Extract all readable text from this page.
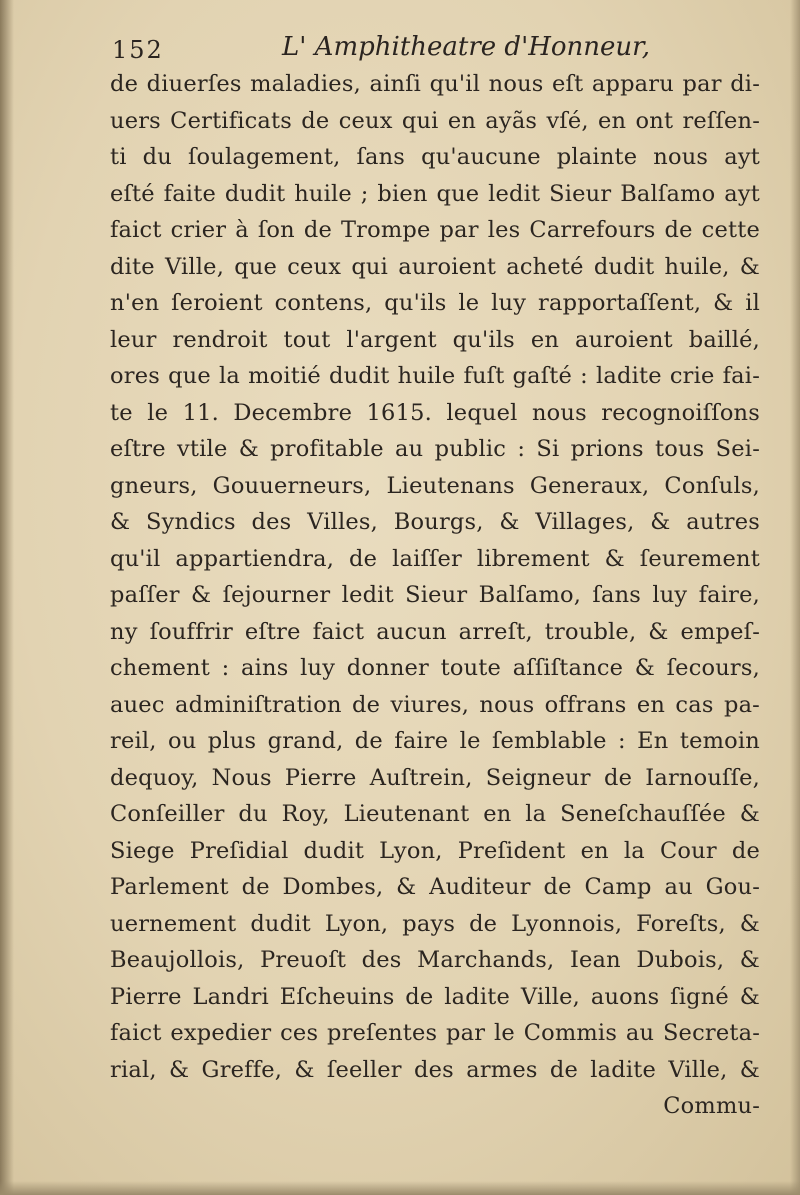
152	L' Amphitheatre d'Honneur,
de diuerſes maladies, ainſi qu'il nous eſt apparu par di-
uers Certificats de ceux qui en ayãs vſé, en ont reſſen-
ti du ſoulagement, ſans qu'aucune plainte nous ayt
eſté faite dudit huile ; bien que ledit Sieur Balſamo ayt
faict crier à ſon de Trompe par les Carrefours de cette
dite Ville, que ceux qui auroient acheté dudit huile, &
n'en ſeroient contens, qu'ils le luy rapportaſſent, & il
leur rendroit tout l'argent qu'ils en auroient baillé,
ores que la moitié dudit huile fuſt gaſté : ladite crie fai-
te le 11. Decembre 1615. lequel nous recognoiſſons
eſtre vtile & profitable au public : Si prions tous Sei-
gneurs, Gouuerneurs, Lieutenans Generaux, Conſuls,
& Syndics des Villes, Bourgs, & Villages, & autres
qu'il appartiendra, de laiſſer librement & ſeurement
paſſer & ſejourner ledit Sieur Balſamo, ſans luy faire,
ny ſouffrir eſtre faict aucun arreſt, trouble, & empeſ-
chement : ains luy donner toute aſſiſtance & ſecours,
auec adminiſtration de viures, nous offrans en cas pa-
reil, ou plus grand, de faire le ſemblable : En temoin
dequoy, Nous Pierre Auſtrein, Seigneur de Iarnouſſe,
Conſeiller du Roy, Lieutenant en la Seneſchauſſée &
Siege Preſidial dudit Lyon, Preſident en la Cour de
Parlement de Dombes, & Auditeur de Camp au Gou-
uernement dudit Lyon, pays de Lyonnois, Foreſts, &
Beaujollois, Preuoſt des Marchands, Iean Dubois, &
Pierre Landri Eſcheuins de ladite Ville, auons ſigné &
faict expedier ces preſentes par le Commis au Secreta-
rial, & Greffe, & ſeeller des armes de ladite Ville, &
Commu-
